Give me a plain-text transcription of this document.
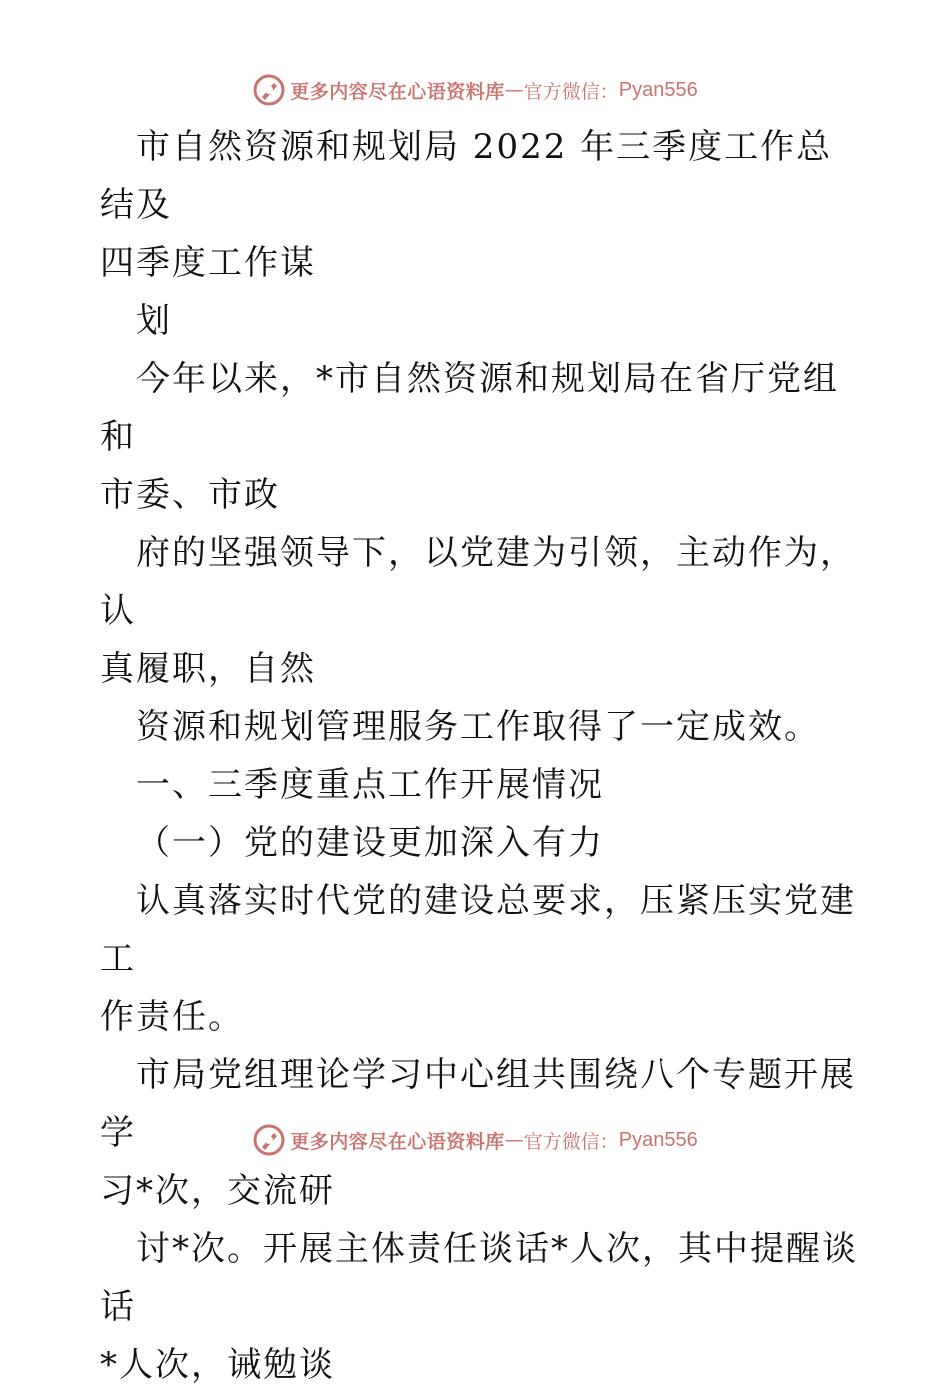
更多内容尽在心语资料库 — 官方微信： Pyan556

市自然资源和规划局 2022 年三季度工作总结及

四季度工作谋

划

今年以来，*市自然资源和规划局在省厅党组和

市委、市政

府的坚强领导下，以党建为引领，主动作为，认

真履职，自然

资源和规划管理服务工作取得了一定成效。

一、三季度重点工作开展情况

（一）党的建设更加深入有力

认真落实时代党的建设总要求，压紧压实党建工

作责任。

市局党组理论学习中心组共围绕八个专题开展学

习*次，交流研

讨*次。开展主体责任谈话*人次，其中提醒谈话

*人次，诫勉谈

更多内容尽在心语资料库 — 官方微信： Pyan556
